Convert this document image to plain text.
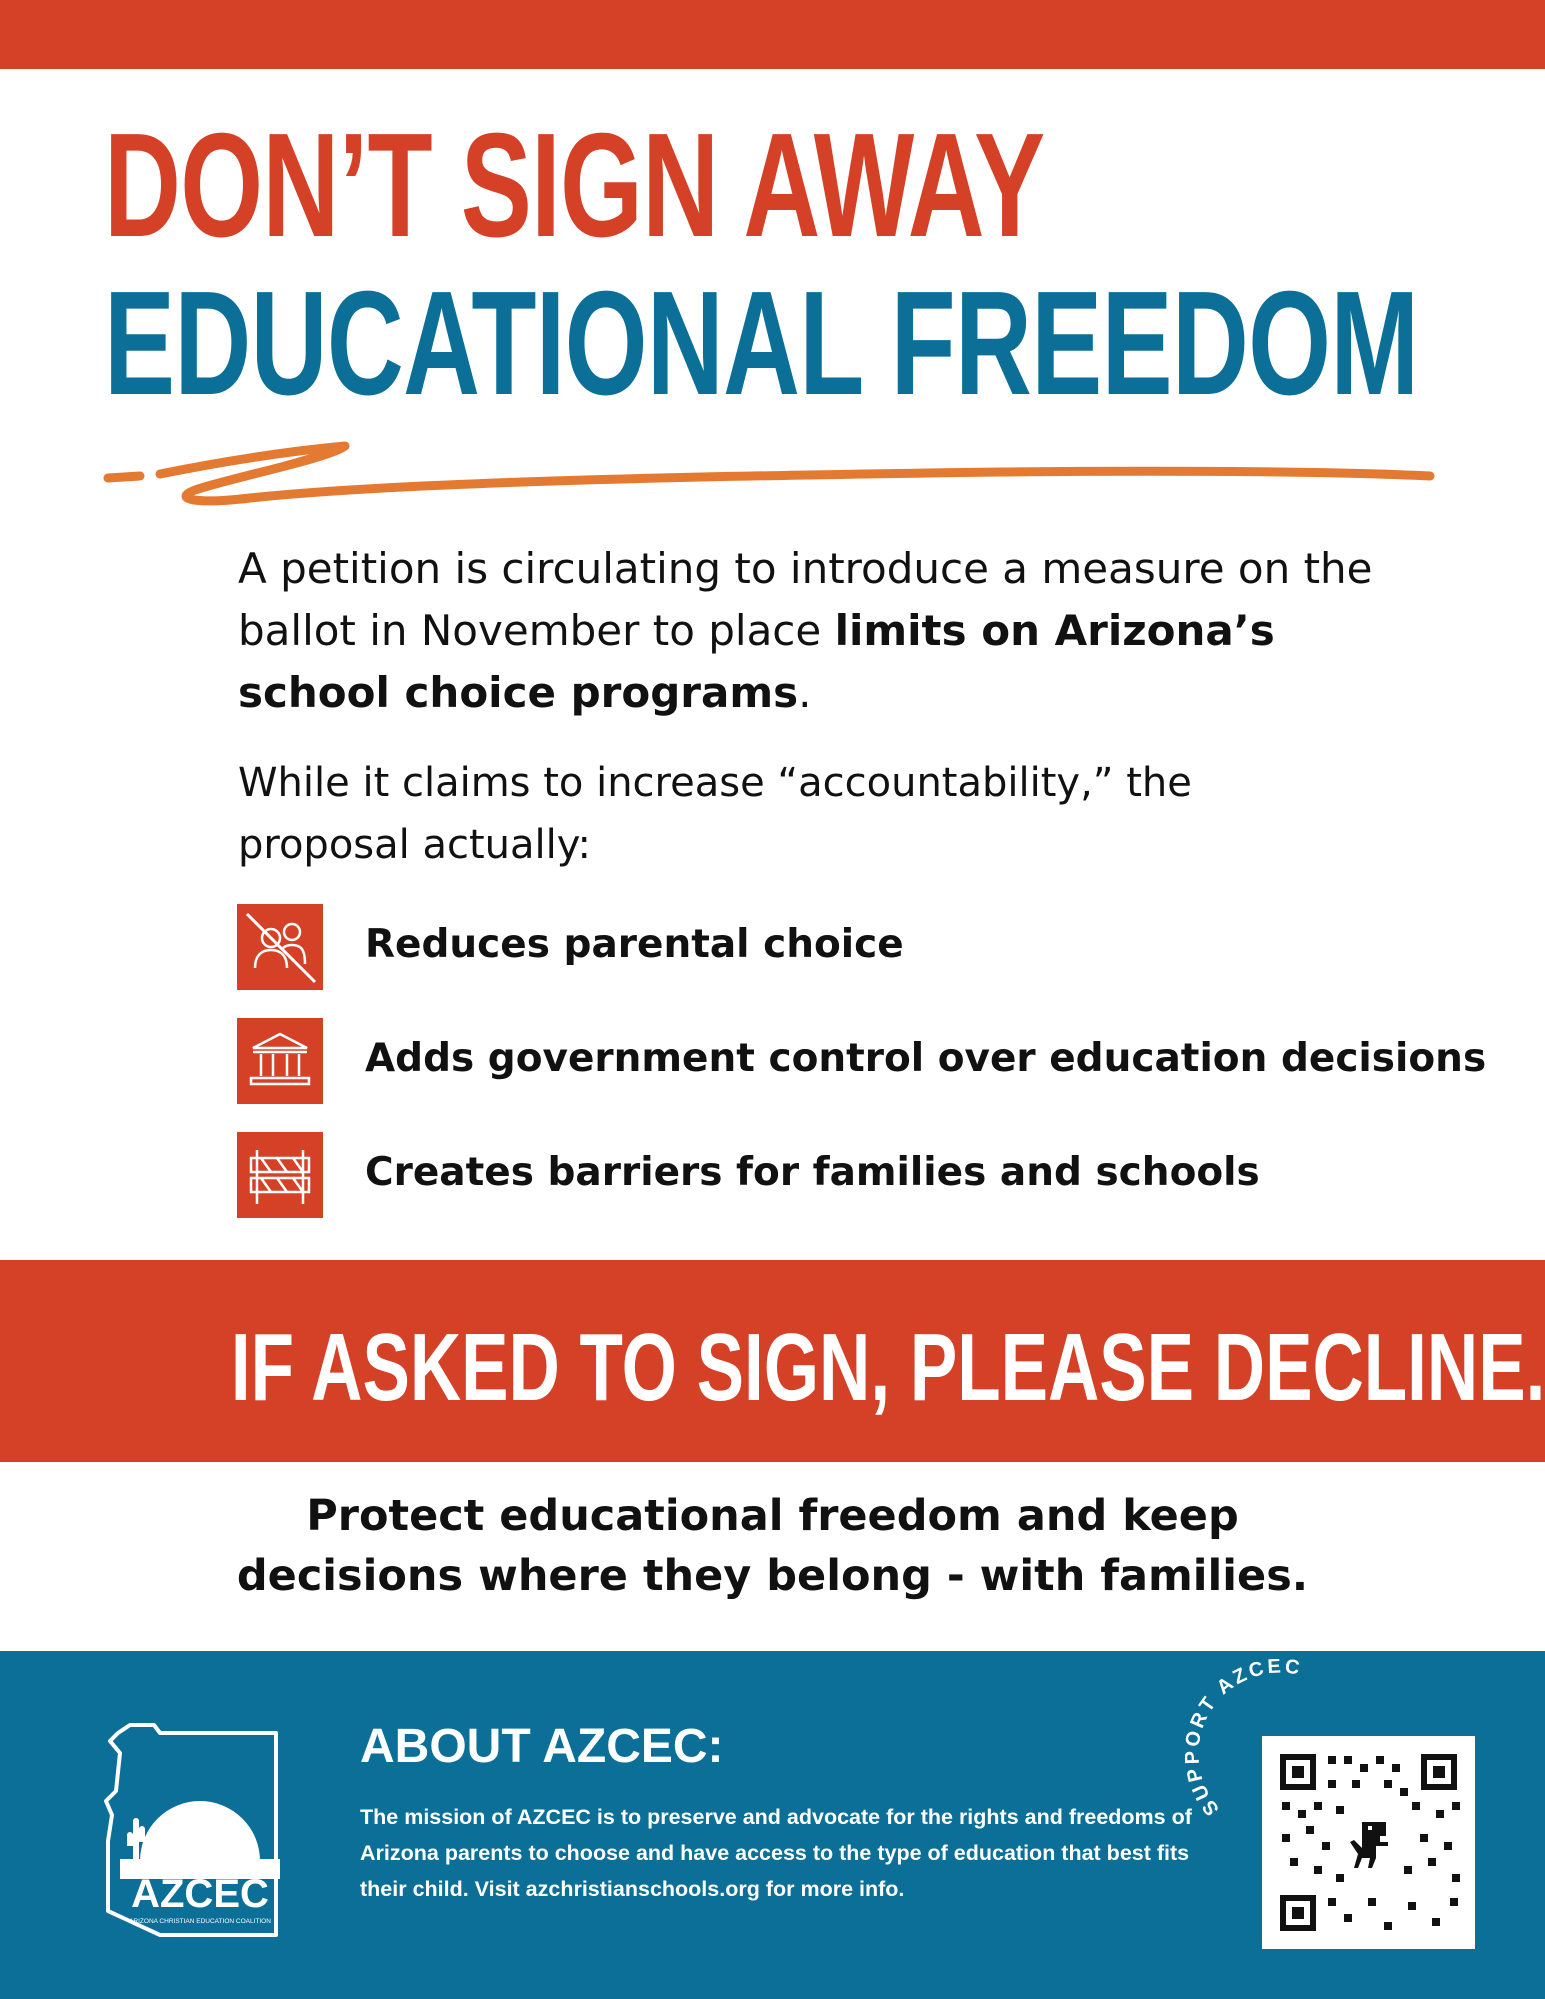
DON’T SIGN AWAY
EDUCATIONAL FREEDOM

A petition is circulating to introduce a measure on the ballot in November to place limits on Arizona’s school choice programs.

While it claims to increase “accountability,” the proposal actually:

Reduces parental choice

Adds government control over education decisions

Creates barriers for families and schools

IF ASKED TO SIGN, PLEASE DECLINE.

Protect educational freedom and keep
decisions where they belong - with families.

AZCEC
ARIZONA CHRISTIAN EDUCATION COALITION
ABOUT AZCEC:

The mission of AZCEC is to preserve and advocate for the rights and freedoms of Arizona parents to choose and have access to the type of education that best fits their child. Visit azchristianschools.org for more info.

SUPPORT AZCEC
